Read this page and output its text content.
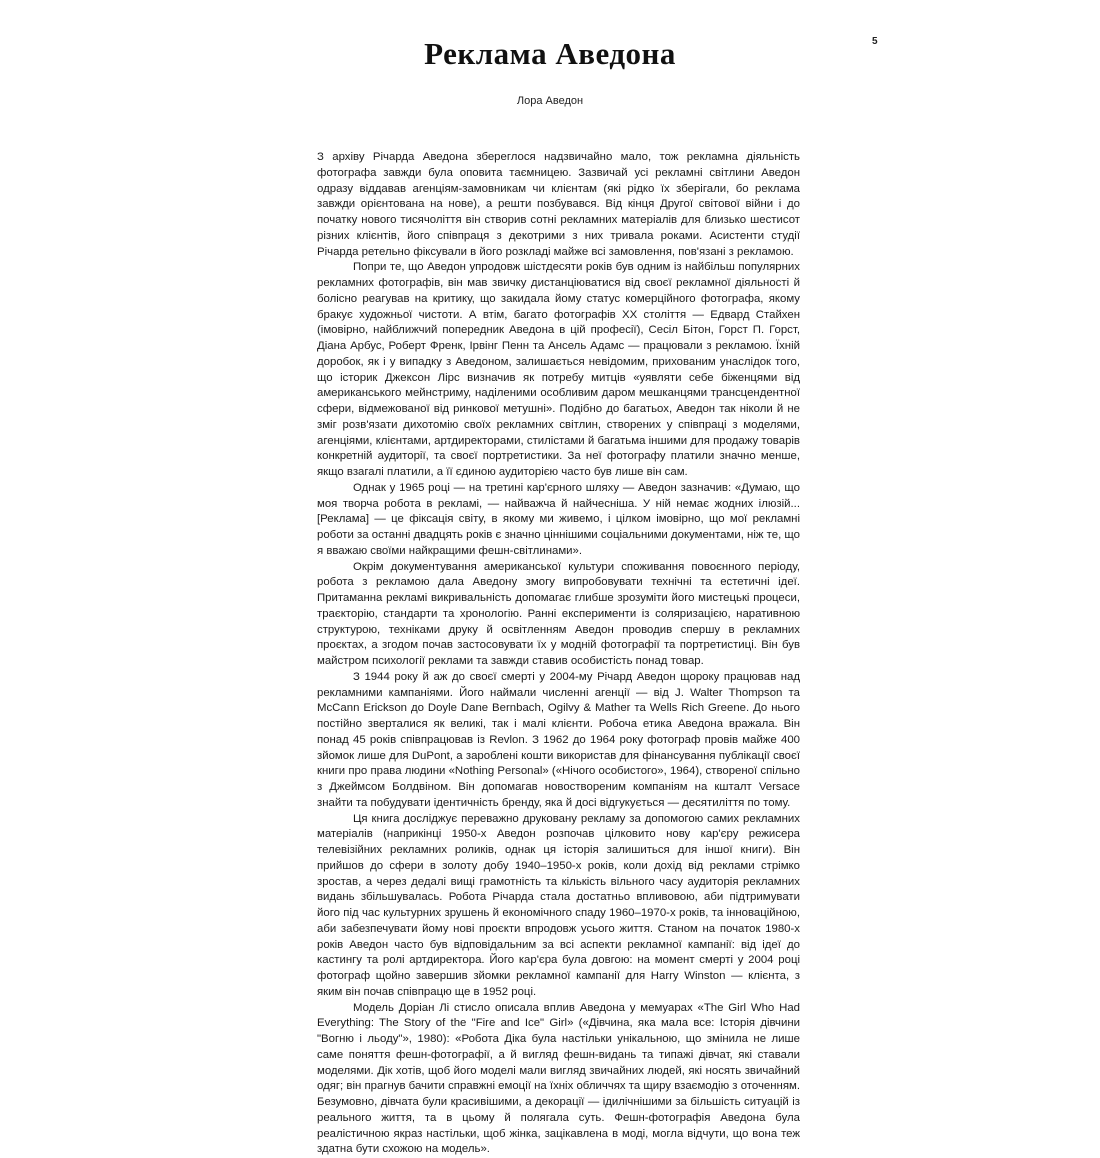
5
Реклама Аведона
Лора Аведон

З архіву Річарда Аведона збереглося надзвичайно мало, тож рекламна діяльність фотографа завжди була оповита таємницею. Зазвичай усі рекламні світлини Аведон одразу віддавав агенціям-замовникам чи клієнтам (які рідко їх зберігали, бо реклама завжди орієнтована на нове), а решти позбувався. Від кінця Другої світової війни і до початку нового тисячоліття він створив сотні рекламних матеріалів для близько шестисот різних клієнтів, його співпраця з декотрими з них тривала роками. Асистенти студії Річарда ретельно фіксували в його розкладі майже всі замовлення, пов'язані з рекламою.

Попри те, що Аведон упродовж шістдесяти років був одним із найбільш популярних рекламних фотографів, він мав звичку дистанціюватися від своєї рекламної діяльності й болісно реагував на критику, що закидала йому статус комерційного фотографа, якому бракує художньої чистоти. А втім, багато фотографів XX століття — Едвард Стайхен (імовірно, найближчий попередник Аведона в цій професії), Сесіл Бітон, Горст П. Горст, Діана Арбус, Роберт Френк, Ірвінг Пенн та Ансель Адамс — працювали з рекламою. Їхній доробок, як і у випадку з Аведоном, залишається невідомим, прихованим унаслідок того, що історик Джексон Лірс визначив як потребу митців «уявляти себе біженцями від американського мейнстриму, наділеними особливим даром мешканцями трансцендентної сфери, відмежованої від ринкової метушні». Подібно до багатьох, Аведон так ніколи й не зміг розв'язати дихотомію своїх рекламних світлин, створених у співпраці з моделями, агенціями, клієнтами, артдиректорами, стилістами й багатьма іншими для продажу товарів конкретній аудиторії, та своєї портретистики. За неї фотографу платили значно менше, якщо взагалі платили, а її єдиною аудиторією часто був лише він сам.

Однак у 1965 році — на третині кар'єрного шляху — Аведон зазначив: «Думаю, що моя творча робота в рекламі, — найважча й найчесніша. У ній немає жодних ілюзій... [Реклама] — це фіксація світу, в якому ми живемо, і цілком імовірно, що мої рекламні роботи за останні двадцять років є значно ціннішими соціальними документами, ніж те, що я вважаю своїми найкращими фешн-світлинами».

Окрім документування американської культури споживання повоєнного періоду, робота з рекламою дала Аведону змогу випробовувати технічні та естетичні ідеї. Притаманна рекламі викривальність допомагає глибше зрозуміти його мистецькі процеси, траєкторію, стандарти та хронологію. Ранні експерименти із соляризацією, наративною структурою, техніками друку й освітленням Аведон проводив спершу в рекламних проєктах, а згодом почав застосовувати їх у модній фотографії та портретистиці. Він був майстром психології реклами та завжди ставив особистість понад товар.

З 1944 року й аж до своєї смерті у 2004-му Річард Аведон щороку працював над рекламними кампаніями. Його наймали численні агенції — від J. Walter Thompson та McCann Erickson до Doyle Dane Bernbach, Ogilvy & Mather та Wells Rich Greene. До нього постійно зверталися як великі, так і малі клієнти. Робоча етика Аведона вражала. Він понад 45 років співпрацював із Revlon. З 1962 до 1964 року фотограф провів майже 400 зйомок лише для DuPont, а зароблені кошти використав для фінансування публікації своєї книги про права людини «Nothing Personal» («Нічого особистого», 1964), створеної спільно з Джеймсом Болдвіном. Він допомагав новоствореним компаніям на кшталт Versace знайти та побудувати ідентичність бренду, яка й досі відгукується — десятиліття по тому.

Ця книга досліджує переважно друковану рекламу за допомогою самих рекламних матеріалів (наприкінці 1950-х Аведон розпочав цілковито нову кар'єру режисера телевізійних рекламних роликів, однак ця історія залишиться для іншої книги). Він прийшов до сфери в золоту добу 1940–1950-х років, коли дохід від реклами стрімко зростав, а через дедалі вищі грамотність та кількість вільного часу аудиторія рекламних видань збільшувалась. Робота Річарда стала достатньо впливовою, аби підтримувати його під час культурних зрушень й економічного спаду 1960–1970-х років, та інноваційною, аби забезпечувати йому нові проєкти впродовж усього життя. Станом на початок 1980-х років Аведон часто був відповідальним за всі аспекти рекламної кампанії: від ідеї до кастингу та ролі артдиректора. Його кар'єра була довгою: на момент смерті у 2004 році фотограф щойно завершив зйомки рекламної кампанії для Harry Winston — клієнта, з яким він почав співпрацю ще в 1952 році.

Модель Доріан Лі стисло описала вплив Аведона у мемуарах «The Girl Who Had Everything: The Story of the "Fire and Ice" Girl» («Дівчина, яка мала все: Історія дівчини "Вогню і льоду"», 1980): «Робота Діка була настільки унікальною, що змінила не лише саме поняття фешн-фотографії, а й вигляд фешн-видань та типажі дівчат, які ставали моделями. Дік хотів, щоб його моделі мали вигляд звичайних людей, які носять звичайний одяг; він прагнув бачити справжні емоції на їхніх обличчях та щиру взаємодію з оточенням. Безумовно, дівчата були красивішими, а декорації — ідилічнішими за більшість ситуацій із реального життя, та в цьому й полягала суть. Фешн-фотографія Аведона була реалістичною якраз настільки, щоб жінка, зацікавлена в моді, могла відчути, що вона теж здатна бути схожою на модель».
